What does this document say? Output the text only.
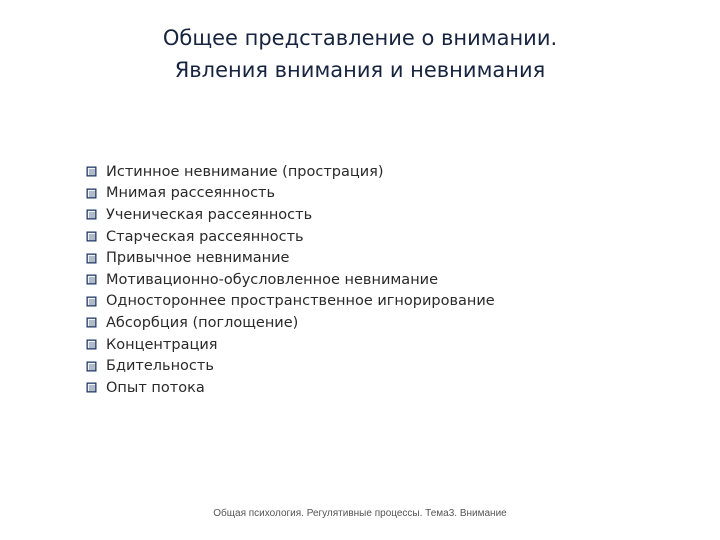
Общее представление о внимании.
Явления внимания и невнимания
Истинное невнимание (прострация)
Мнимая рассеянность
Ученическая рассеянность
Старческая рассеянность
Привычное невнимание
Мотивационно-обусловленное невнимание
Одностороннее пространственное игнорирование
Абсорбция (поглощение)
Концентрация
Бдительность
Опыт потока
Общая психология. Регулятивные процессы. Тема3. Внимание
